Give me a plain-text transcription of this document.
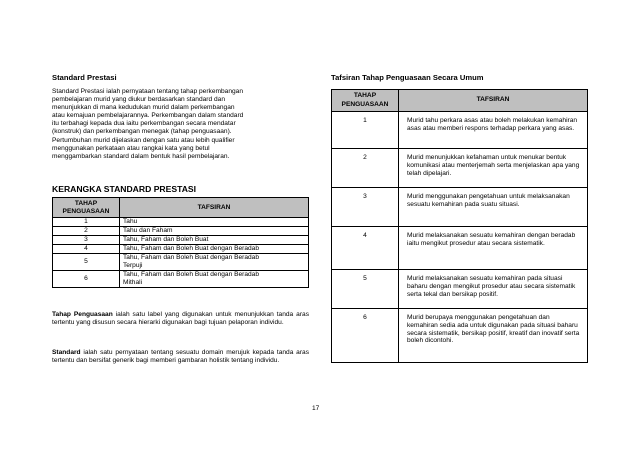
Standard Prestasi
Standard Prestasi ialah pernyataan tentang tahap perkembangan
pembelajaran murid yang diukur berdasarkan standard dan
menunjukkan di mana kedudukan murid dalam perkembangan
atau kemajuan pembelajarannya. Perkembangan dalam standard
itu terbahagi kepada dua iaitu perkembangan secara mendatar
(konstruk) dan perkembangan menegak (tahap penguasaan).
Pertumbuhan murid dijelaskan dengan satu atau lebih qualifier
menggunakan perkataan atau rangkai kata yang betul
menggambarkan standard dalam bentuk hasil pembelajaran.
KERANGKA STANDARD PRESTASI
TAHAP PENGUASAAN	TAFSIRAN
1	Tahu
2	Tahu dan Faham
3	Tahu, Faham dan Boleh Buat
4	Tahu, Faham dan Boleh Buat dengan Beradab
5	Tahu, Faham dan Boleh Buat dengan Beradab Terpuji
6	Tahu, Faham dan Boleh Buat dengan Beradab Mithali
Tahap Penguasaan ialah satu label yang digunakan untuk menunjukkan tanda aras tertentu yang disusun secara hierarki digunakan bagi tujuan pelaporan individu.
Standard ialah satu pernyataan tentang sesuatu domain merujuk kepada tanda aras tertentu dan bersifat generik bagi memberi gambaran holistik tentang individu.
Tafsiran Tahap Penguasaan Secara Umum
TAHAP PENGUASAAN	TAFSIRAN
1	Murid tahu perkara asas atau boleh melakukan kemahiran asas atau memberi respons terhadap perkara yang asas.
2	Murid menunjukkan kefahaman untuk menukar bentuk komunikasi atau menterjemah serta menjelaskan apa yang telah dipelajari.
3	Murid menggunakan pengetahuan untuk melaksanakan sesuatu kemahiran pada suatu situasi.
4	Murid melaksanakan sesuatu kemahiran dengan beradab iaitu mengikut prosedur atau secara sistematik.
5	Murid melaksanakan sesuatu kemahiran pada situasi baharu dengan mengikut prosedur atau secara sistematik serta tekal dan bersikap positif.
6	Murid berupaya menggunakan pengetahuan dan kemahiran sedia ada untuk digunakan pada situasi baharu secara sistematik, bersikap positif, kreatif dan inovatif serta boleh dicontohi.
17
